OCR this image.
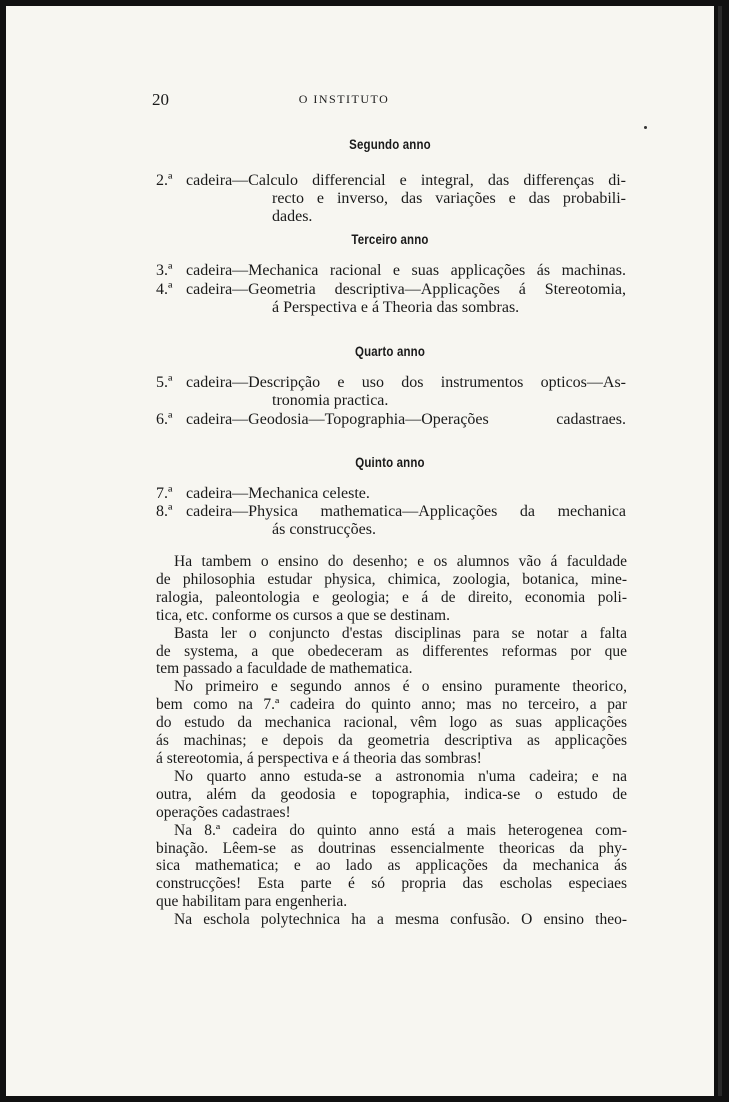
20	O INSTITUTO
Segundo anno
2.ª cadeira—Calculo differencial e integral, das differenças di-
recto e inverso, das variações e das probabili-
dades.
Terceiro anno
3.ª cadeira—Mechanica racional e suas applicações ás machinas.
4.ª cadeira—Geometria descriptiva—Applicações á Stereotomia,
á Perspectiva e á Theoria das sombras.
Quarto anno
5.ª cadeira—Descripção e uso dos instrumentos opticos—As-
tronomia practica.
6.ª cadeira—Geodosia—Topographia—Operações cadastraes.
Quinto anno
7.ª cadeira—Mechanica celeste.
8.ª cadeira—Physica mathematica—Applicações da mechanica
ás construcções.
Ha tambem o ensino do desenho; e os alumnos vão á faculdade
de philosophia estudar physica, chimica, zoologia, botanica, mine-
ralogia, paleontologia e geologia; e á de direito, economia poli-
tica, etc. conforme os cursos a que se destinam.
Basta ler o conjuncto d'estas disciplinas para se notar a falta
de systema, a que obedeceram as differentes reformas por que
tem passado a faculdade de mathematica.
No primeiro e segundo annos é o ensino puramente theorico,
bem como na 7.ª cadeira do quinto anno; mas no terceiro, a par
do estudo da mechanica racional, vêm logo as suas applicações
ás machinas; e depois da geometria descriptiva as applicações
á stereotomia, á perspectiva e á theoria das sombras!
No quarto anno estuda-se a astronomia n'uma cadeira; e na
outra, além da geodosia e topographia, indica-se o estudo de
operações cadastraes!
Na 8.ª cadeira do quinto anno está a mais heterogenea com-
binação. Lêem-se as doutrinas essencialmente theoricas da phy-
sica mathematica; e ao lado as applicações da mechanica ás
construcções! Esta parte é só propria das escholas especiaes
que habilitam para engenheria.
Na eschola polytechnica ha a mesma confusão. O ensino theo-
